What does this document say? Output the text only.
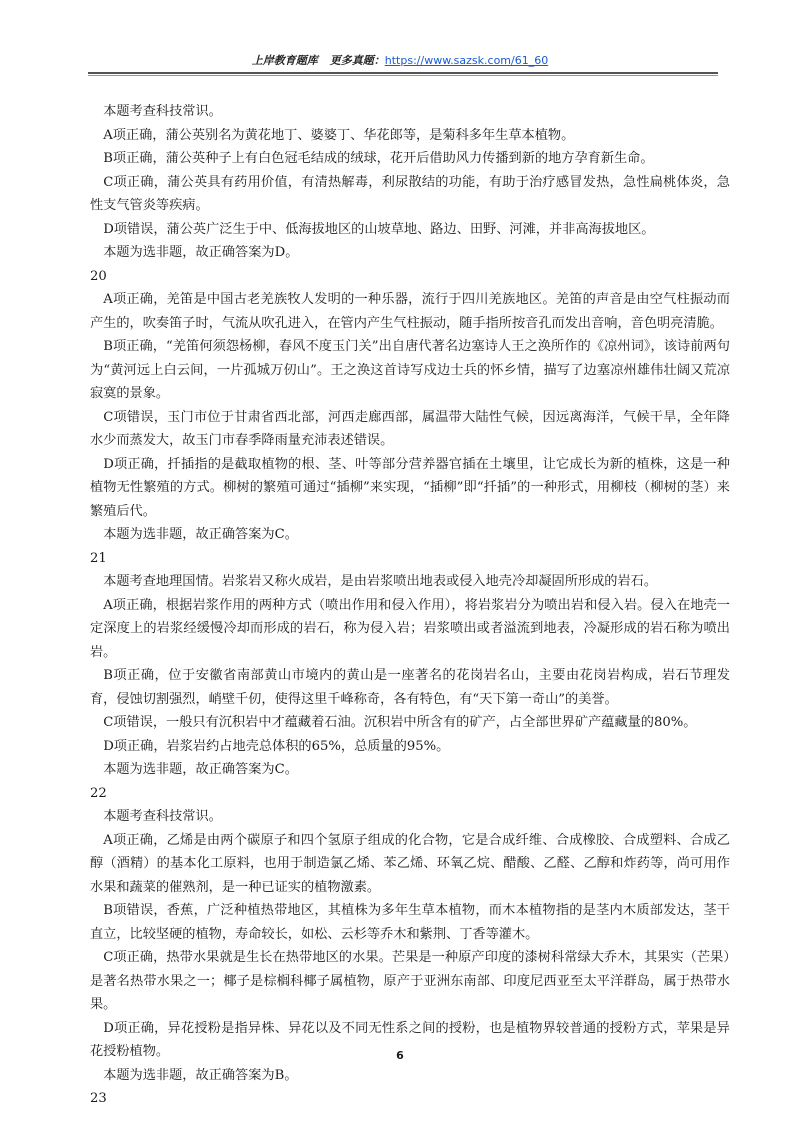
上岸教育题库 更多真题：https://www.sazsk.com/61_60

本题考查科技常识。

A项正确，蒲公英别名为黄花地丁、婆婆丁、华花郎等，是菊科多年生草本植物。

B项正确，蒲公英种子上有白色冠毛结成的绒球，花开后借助风力传播到新的地方孕育新生命。

C项正确，蒲公英具有药用价值，有清热解毒，利尿散结的功能，有助于治疗感冒发热，急性扁桃体炎，急性支气管炎等疾病。

D项错误，蒲公英广泛生于中、低海拔地区的山坡草地、路边、田野、河滩，并非高海拔地区。

本题为选非题，故正确答案为D。

20

A项正确，羌笛是中国古老羌族牧人发明的一种乐器，流行于四川羌族地区。羌笛的声音是由空气柱振动而产生的，吹奏笛子时，气流从吹孔进入，在管内产生气柱振动，随手指所按音孔而发出音响，音色明亮清脆。

B项正确，“羌笛何须怨杨柳，春风不度玉门关”出自唐代著名边塞诗人王之涣所作的《凉州词》，该诗前两句为“黄河远上白云间，一片孤城万仞山”。王之涣这首诗写戍边士兵的怀乡情，描写了边塞凉州雄伟壮阔又荒凉寂寞的景象。

C项错误，玉门市位于甘肃省西北部，河西走廊西部，属温带大陆性气候，因远离海洋，气候干旱，全年降水少而蒸发大，故玉门市春季降雨量充沛表述错误。

D项正确，扦插指的是截取植物的根、茎、叶等部分营养器官插在土壤里，让它成长为新的植株，这是一种植物无性繁殖的方式。柳树的繁殖可通过“插柳”来实现，“插柳”即“扦插”的一种形式，用柳枝（柳树的茎）来繁殖后代。

本题为选非题，故正确答案为C。

21

本题考查地理国情。岩浆岩又称火成岩，是由岩浆喷出地表或侵入地壳冷却凝固所形成的岩石。

A项正确，根据岩浆作用的两种方式（喷出作用和侵入作用），将岩浆岩分为喷出岩和侵入岩。侵入在地壳一定深度上的岩浆经缓慢冷却而形成的岩石，称为侵入岩；岩浆喷出或者溢流到地表，冷凝形成的岩石称为喷出岩。

B项正确，位于安徽省南部黄山市境内的黄山是一座著名的花岗岩名山，主要由花岗岩构成，岩石节理发育，侵蚀切割强烈，峭壁千仞，使得这里千峰称奇，各有特色，有“天下第一奇山”的美誉。

C项错误，一般只有沉积岩中才蕴藏着石油。沉积岩中所含有的矿产，占全部世界矿产蕴藏量的80%。

D项正确，岩浆岩约占地壳总体积的65%，总质量的95%。

本题为选非题，故正确答案为C。

22

本题考查科技常识。

A项正确，乙烯是由两个碳原子和四个氢原子组成的化合物，它是合成纤维、合成橡胶、合成塑料、合成乙醇（酒精）的基本化工原料，也用于制造氯乙烯、苯乙烯、环氧乙烷、醋酸、乙醛、乙醇和炸药等，尚可用作水果和蔬菜的催熟剂，是一种已证实的植物激素。

B项错误，香蕉，广泛种植热带地区，其植株为多年生草本植物，而木本植物指的是茎内木质部发达，茎干直立，比较坚硬的植物，寿命较长，如松、云杉等乔木和紫荆、丁香等灌木。

C项正确，热带水果就是生长在热带地区的水果。芒果是一种原产印度的漆树科常绿大乔木，其果实（芒果）是著名热带水果之一；椰子是棕榈科椰子属植物，原产于亚洲东南部、印度尼西亚至太平洋群岛，属于热带水果。

D项正确，异花授粉是指异株、异花以及不同无性系之间的授粉，也是植物界较普通的授粉方式，苹果是异花授粉植物。

本题为选非题，故正确答案为B。

23

6
